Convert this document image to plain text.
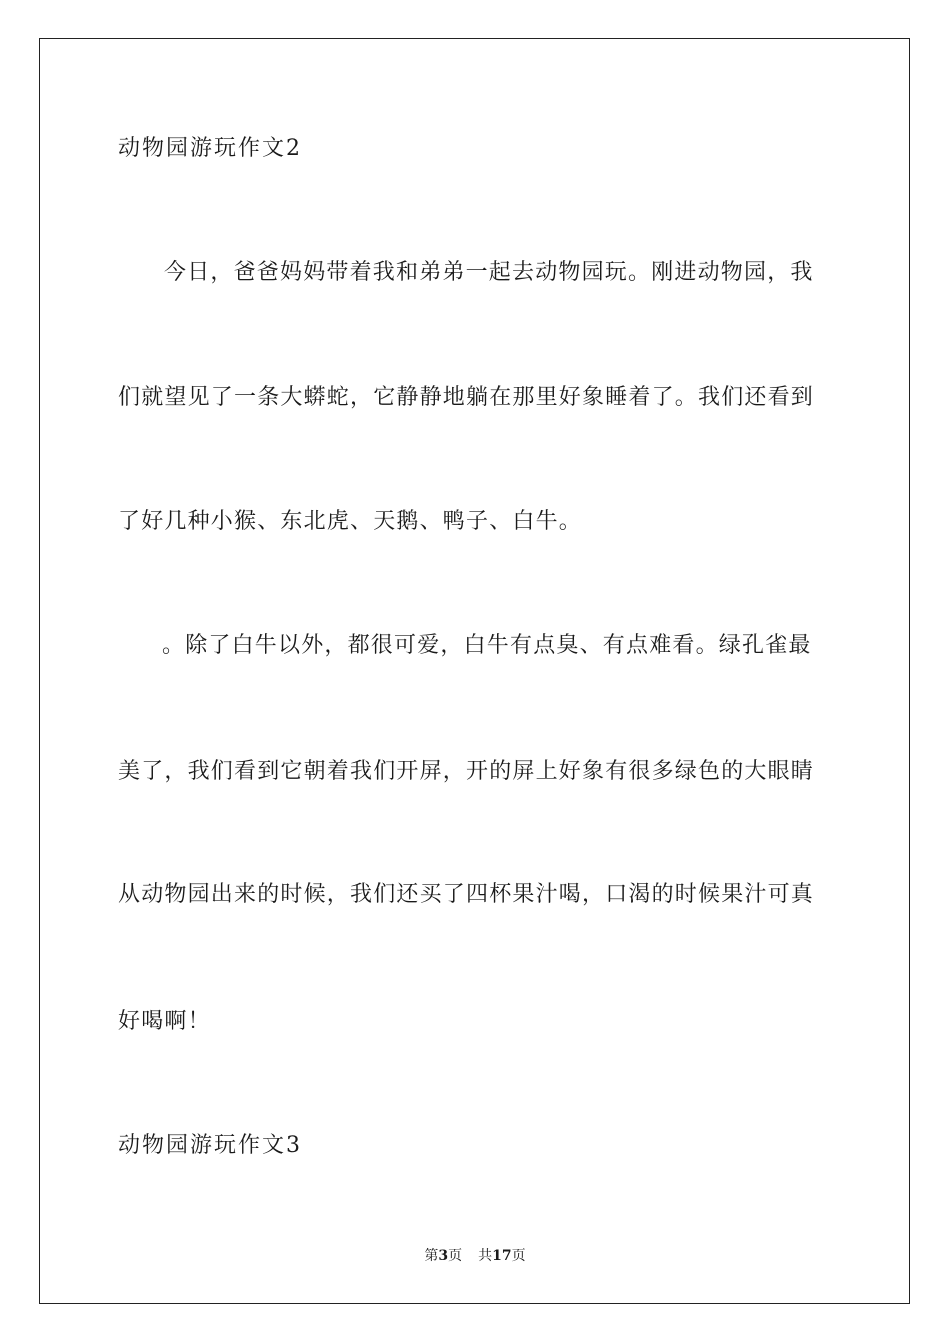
动物园游玩作文2
今日，爸爸妈妈带着我和弟弟一起去动物园玩。刚进动物园，我
们就望见了一条大蟒蛇，它静静地躺在那里好象睡着了。我们还看到
了好几种小猴、东北虎、天鹅、鸭子、白牛。
。除了白牛以外，都很可爱，白牛有点臭、有点难看。绿孔雀最
美了，我们看到它朝着我们开屏，开的屏上好象有很多绿色的大眼睛
从动物园出来的时候，我们还买了四杯果汁喝，口渴的时候果汁可真
好喝啊！
动物园游玩作文3
第3页 共17页
